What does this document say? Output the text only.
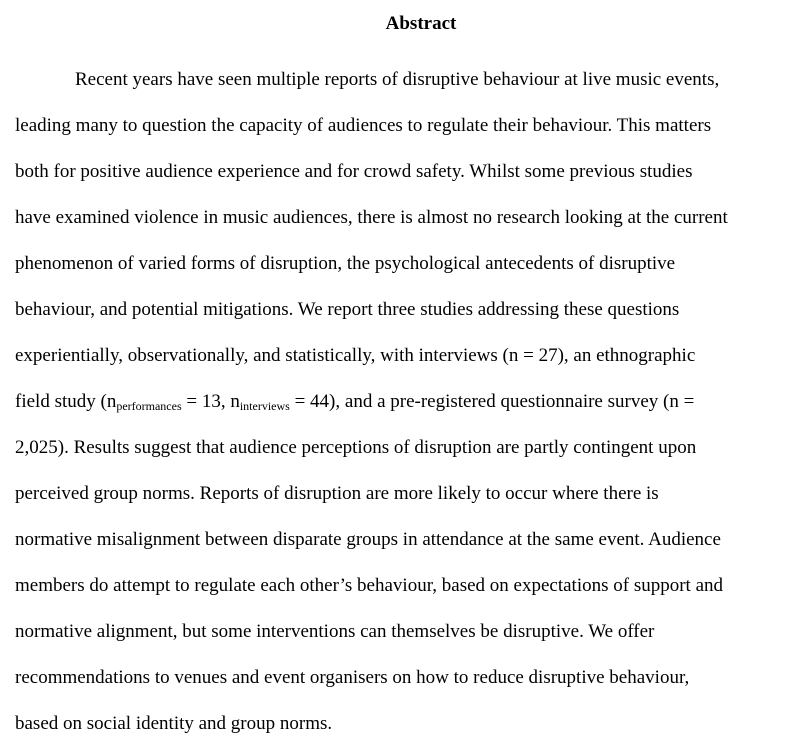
Abstract
Recent years have seen multiple reports of disruptive behaviour at live music events,
leading many to question the capacity of audiences to regulate their behaviour. This matters
both for positive audience experience and for crowd safety. Whilst some previous studies
have examined violence in music audiences, there is almost no research looking at the current
phenomenon of varied forms of disruption, the psychological antecedents of disruptive
behaviour, and potential mitigations. We report three studies addressing these questions
experientially, observationally, and statistically, with interviews (n = 27), an ethnographic
field study ($n_{performances} = 13$, $n_{interviews} = 44$), and a pre-registered questionnaire survey (n =
2,025). Results suggest that audience perceptions of disruption are partly contingent upon
perceived group norms. Reports of disruption are more likely to occur where there is
normative misalignment between disparate groups in attendance at the same event. Audience
members do attempt to regulate each other’s behaviour, based on expectations of support and
normative alignment, but some interventions can themselves be disruptive. We offer
recommendations to venues and event organisers on how to reduce disruptive behaviour,
based on social identity and group norms.
